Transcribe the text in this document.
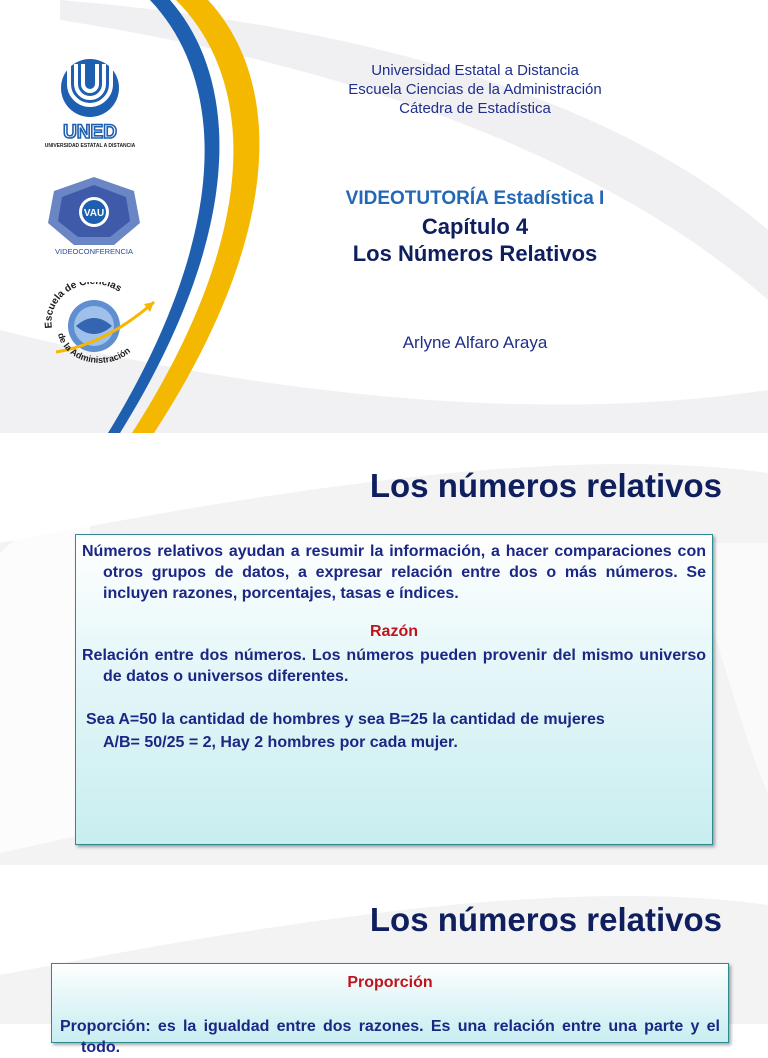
UNED
UNIVERSIDAD ESTATAL A DISTANCIA
VAU
VIDEOCONFERENCIA
Escuela de C cias
de la Administración
Universidad Estatal a Distancia
Escuela Ciencias de la Administración
Cátedra de Estadística
VIDEOTUTORÍA Estadística I
Capítulo 4
Los Números Relativos
Arlyne Alfaro Araya
Los números relativos

Números relativos ayudan a resumir la información, a hacer comparaciones con otros grupos de datos, a expresar relación entre dos o más números. Se incluyen razones, porcentajes, tasas e índices.

Razón

Relación entre dos números. Los números pueden provenir del mismo universo de datos o universos diferentes.

Sea A=50 la cantidad de hombres y sea B=25 la cantidad de mujeres

A/B= 50/25 = 2, Hay 2 hombres por cada mujer.

Los números relativos

Proporción

Proporción: es la igualdad entre dos razones. Es una relación entre una parte y el todo.
